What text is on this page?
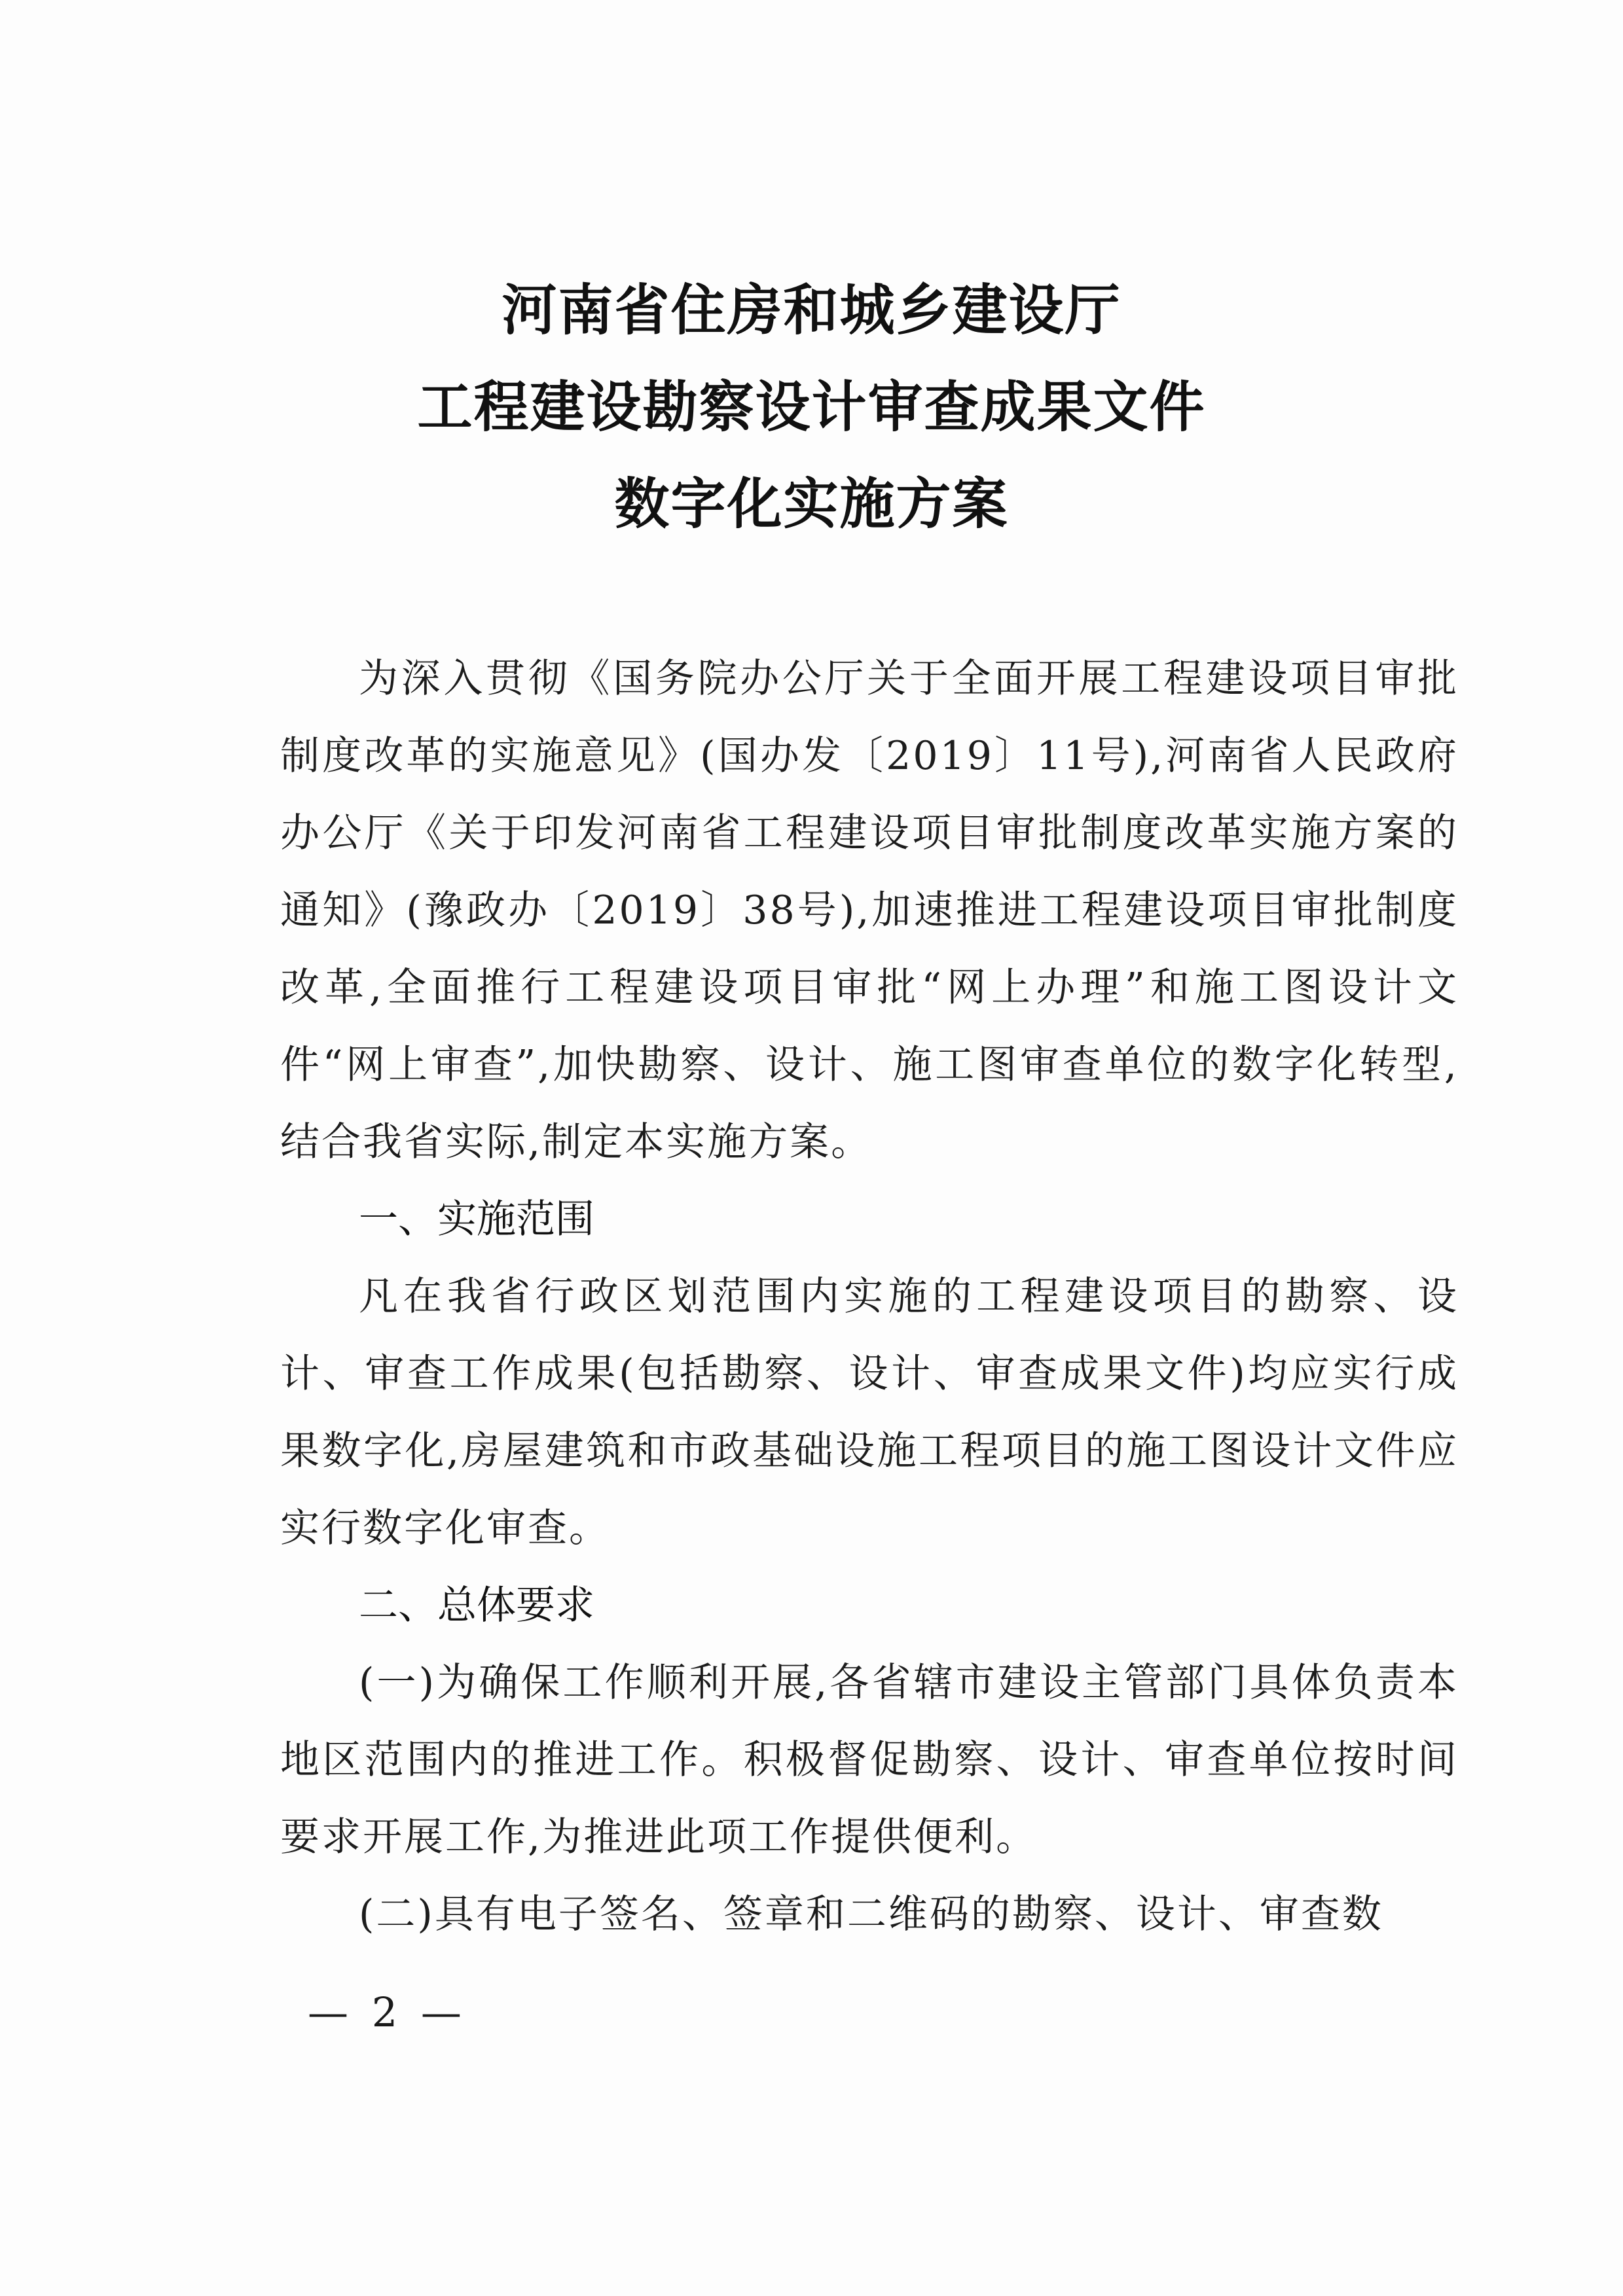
河南省住房和城乡建设厅
工程建设勘察设计审查成果文件
数字化实施方案

为深入贯彻《国务院办公厅关于全面开展工程建设项目审批制度改革的实施意见》(国办发〔2019〕11号),河南省人民政府办公厅《关于印发河南省工程建设项目审批制度改革实施方案的通知》(豫政办〔2019〕38号),加速推进工程建设项目审批制度改革,全面推行工程建设项目审批“网上办理”和施工图设计文件“网上审查”,加快勘察、设计、施工图审查单位的数字化转型,结合我省实际,制定本实施方案。

一、实施范围

凡在我省行政区划范围内实施的工程建设项目的勘察、设计、审查工作成果(包括勘察、设计、审查成果文件)均应实行成果数字化,房屋建筑和市政基础设施工程项目的施工图设计文件应实行数字化审查。

二、总体要求

(一)为确保工作顺利开展,各省辖市建设主管部门具体负责本地区范围内的推进工作。积极督促勘察、设计、审查单位按时间要求开展工作,为推进此项工作提供便利。

(二)具有电子签名、签章和二维码的勘察、设计、审查数

— 2 —
